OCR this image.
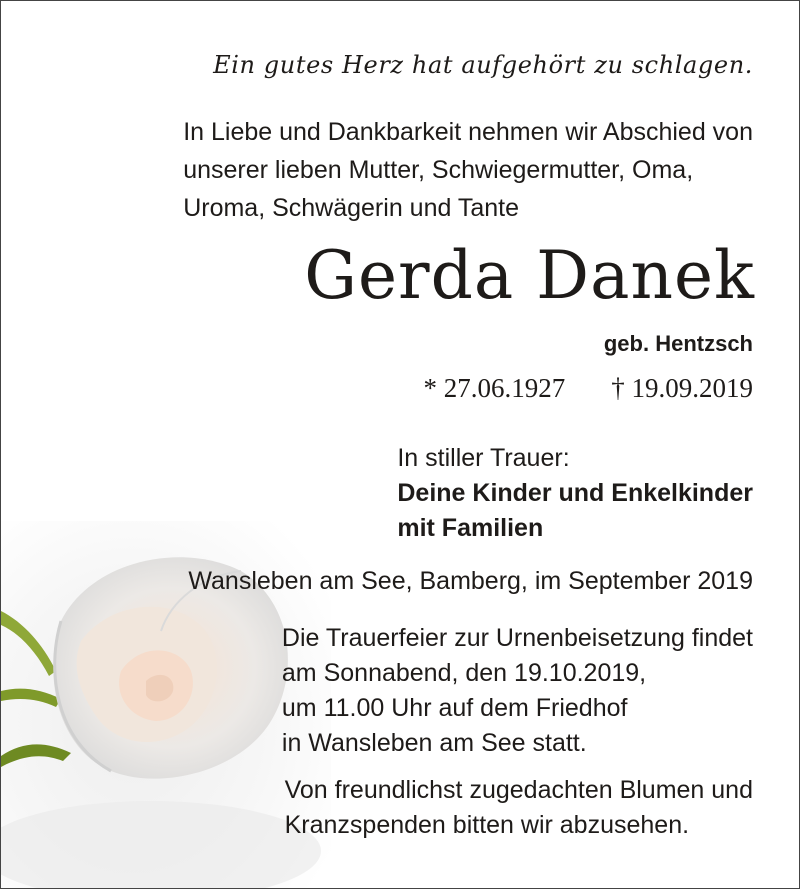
Ein gutes Herz hat aufgehört zu schlagen.
In Liebe und Dankbarkeit nehmen wir Abschied von
unserer lieben Mutter, Schwiegermutter, Oma,
Uroma, Schwägerin und Tante
Gerda Danek
geb. Hentzsch
* 27.06.1927 † 19.09.2019
In stiller Trauer:
Deine Kinder und Enkelkinder
mit Familien
Wansleben am See, Bamberg, im September 2019
Die Trauerfeier zur Urnenbeisetzung findet
am Sonnabend, den 19.10.2019,
um 11.00 Uhr auf dem Friedhof
in Wansleben am See statt.
Von freundlichst zugedachten Blumen und
Kranzspenden bitten wir abzusehen.
